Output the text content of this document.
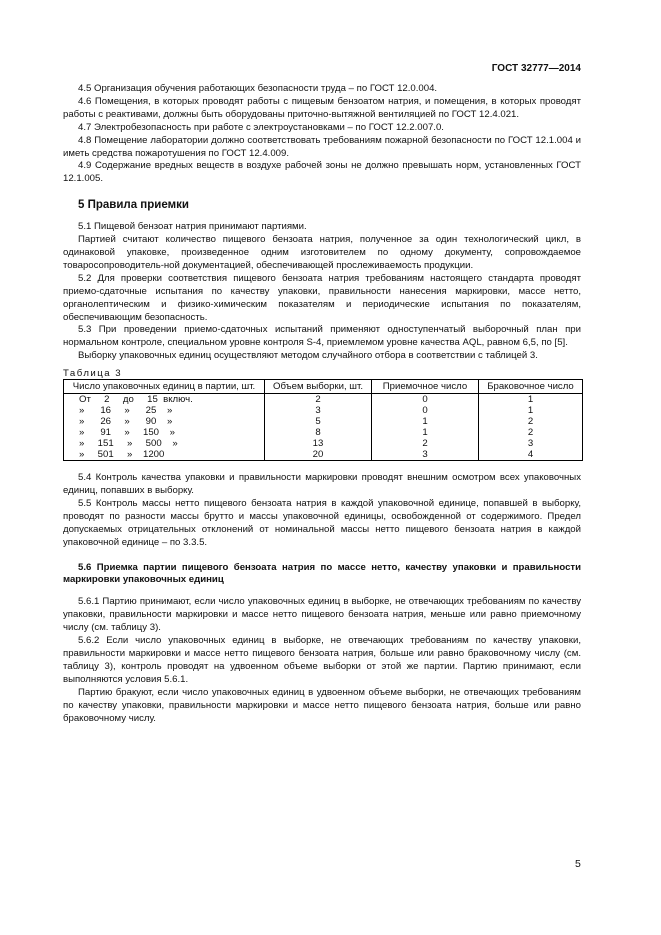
ГОСТ 32777—2014

4.5 Организация обучения работающих безопасности труда – по ГОСТ 12.0.004.

4.6 Помещения, в которых проводят работы с пищевым бензоатом натрия, и помещения, в которых проводят работы с реактивами, должны быть оборудованы приточно-вытяжной вентиляцией по ГОСТ 12.4.021.

4.7 Электробезопасность при работе с электроустановками – по ГОСТ 12.2.007.0.

4.8 Помещение лаборатории должно соответствовать требованиям пожарной безопасности по ГОСТ 12.1.004 и иметь средства пожаротушения по ГОСТ 12.4.009.

4.9 Содержание вредных веществ в воздухе рабочей зоны не должно превышать норм, установленных ГОСТ 12.1.005.

5 Правила приемки

5.1 Пищевой бензоат натрия принимают партиями.

Партией считают количество пищевого бензоата натрия, полученное за один технологический цикл, в одинаковой упаковке, произведенное одним изготовителем по одному документу, сопровождаемое товаросопроводитель-ной документацией, обеспечивающей прослеживаемость продукции.

5.2 Для проверки соответствия пищевого бензоата натрия требованиям настоящего стандарта проводят приемо-сдаточные испытания по качеству упаковки, правильности нанесения маркировки, массе нетто, органолептическим и физико-химическим показателям и периодические испытания по показателям, обеспечивающим безопасность.

5.3 При проведении приемо-сдаточных испытаний применяют одноступенчатый выборочный план при нормальном контроле, специальном уровне контроля S-4, приемлемом уровне качества AQL, равном 6,5, по [5].

Выборку упаковочных единиц осуществляют методом случайного отбора в соответствии с таблицей 3.

Таблица 3
Число упаковочных единиц в партии, шт.	Объем выборки, шт.	Приемочное число	Браковочное число
От     2     до     15  включ.	2	0	1
»      16     »      25    »	3	0	1
»      26     »      90    »	5	1	2
»      91     »     150    »	8	1	2
»     151     »     500    »	13	2	3
»     501     »    1200	20	3	4

5.4 Контроль качества упаковки и правильности маркировки проводят внешним осмотром всех упаковочных единиц, попавших в выборку.

5.5 Контроль массы нетто пищевого бензоата натрия в каждой упаковочной единице, попавшей в выборку, проводят по разности массы брутто и массы упаковочной единицы, освобожденной от содержимого. Предел допускаемых отрицательных отклонений от номинальной массы нетто пищевого бензоата натрия в каждой упаковочной единице – по 3.3.5.

5.6 Приемка партии пищевого бензоата натрия по массе нетто, качеству упаковки и правильности маркировки упаковочных единиц

5.6.1 Партию принимают, если число упаковочных единиц в выборке, не отвечающих требованиям по качеству упаковки, правильности маркировки и массе нетто пищевого бензоата натрия, меньше или равно приемочному числу (см. таблицу 3).

5.6.2 Если число упаковочных единиц в выборке, не отвечающих требованиям по качеству упаковки, правильности маркировки и массе нетто пищевого бензоата натрия, больше или равно браковочному числу (см. таблицу 3), контроль проводят на удвоенном объеме выборки от этой же партии. Партию принимают, если выполняются условия 5.6.1.

Партию бракуют, если число упаковочных единиц в удвоенном объеме выборки, не отвечающих требованиям по качеству упаковки, правильности маркировки и массе нетто пищевого бензоата натрия, больше или равно браковочному числу.

5
